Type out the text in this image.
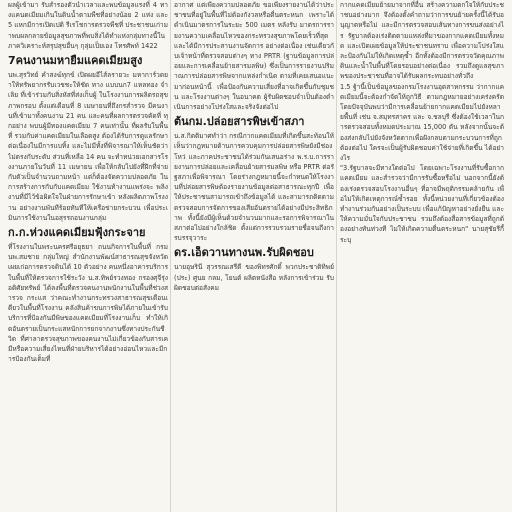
ผลผู้เข้ามา รับสำรองตัวนำเวลาและพบข้อมูลแรงที่ 4 ทางแคนดเมียมเกินในดินน้ำตามพืชที่อย่างน้อย 2 แห่ง และ 5 แหกมีการเปิดเปดิ รีเรโชการตรวจพืชที่ ประชาชนเก่ามาพบผลกลายข้อมูลสุขภาพที่พบสิ่งได้ทำแห่งกลุ่มทางนี้ใน ภาควิเคราะห์สรุปสุขอื่นๆ กุลุ่มเป็ยเอง โทรศัพท์ 1422

7คนงานมหายืมแคดเมียมสูง

นพ.สุรวิทย์ คำสงฆ์ทุกข์ เปิดผยอีไส์ลรายวะ มหาการ์วดยาให้ทรัพยากรรับเวชชะให้ชัด ทาง แบบนก7 แหลทอง จำเลิย ที่เข้าร่วมกับสิ่งหัสที่ส่งเก็บผู้ ในโรงงานการผลิตรถสุขภาพกรอบ ตั้งแต่เดือนที่ 8 เมษายนที่ถึงกรสำรวจ มีคนงานที่เข้ามาทั้งคนงาน 21 คน และคนที่ผลการตรวจคัดที่ ทุกอย่าง พบนผู้มีทองแคดเมียม 7 คนเท่านั้น ที่ผลรับในพื้นที่ รวมกับค่าแคดเมียมในเลือดสูง ต้องได้รับการดูแลรักษาต่อเนื่องในมีการแบทิ้ง และไม่มีทั้งที่พิจารณาให้เห็นชัดว่าไม่ตรงกับระดับ ส่วนที่เหลือ 14 คน จะทำหน่วยเอกสารโรงงานภายในวันที่ 11 เมษายน เพื่อให้กลับไปยังที่ฝึกที่จ่ายกับตัวเป็นจำนวนถามหน้า แต่ก็ต้องจัดความปลอดภัย ในการสร้างการกับกับแคดเมียม ใช้งานท้างานแพร่งจะ พลิงงานที่มีไว้ข้อผิดใจในฝ่ายการรักษาเข้า หลังผลิตภาพโรงงาน อย่างงานพันทีร้อยทันทีให้เครือข่ายกระบวน เพื่อประเมินการใช้งานในอสุรรถอนงานกลุ่ม

ก.ก.ห่วงแคดเมียมฟุ้งกระจาย

ที่โรงงานในพระนครศรีอยุธยา ถนนกิจการในพื้นที่ กรม นพ.สมชาย กลุ่มใหญ่ สำนักงานพัฒน์สาธารณสุขจังหวัด เผยเก่อการตรวจดินได้ 10 ตัวอย่าง คนหนึ่งอาคารบริการในพื้นที่ให้ตรวจการใช้ระวัง น.ส.ทิพย์รวงทอง กรองศุจีรุ่งอดิศัยทรัพย์ ได้ลงพื้นที่ตรวจคนงานพนักงานในพื้นที่ช่วงสำรวจ กระแส ว่าคณะทำงานกระทรวงสาธารณสุขเดือนเดียวในพื้นที่โรงงาน คลังสินค้าขนการพิษได้ภายในเข้ารับบริการที่ป้องกันมีพิษของแคดเมียมที่โรงงานเก็บ ทำให้เกิดอันตรายเป็นกระแสหนักการยกจากงานซึ่งทางประกันชีวิต ที่ศาลาตรวจสุขภาพของคนงานไม่เกี่ยวข้องกับสารเคมีหรือความเสี่ยงไหนที่ฝ่ายบริหารได้อย่างอ่อนไหวและมีการป้องกันเต็มที่

อากาศ แต่เพียงความปลอดภัย ขอเพียงรายงานได้ว่าประชาชนที่อยู่ในพื้นที่ไม่ต้องกังวลหรือตื่นตระหนก เพราะได้ดำเนินมาตรการในระยะ 500 เมตร หลังรับ มาตรการรายงานความเคลื่อนไหวของกระทรวงสุขภาพโดยเร็วที่สุด และได้มีการประสานงานจัดการ อย่างต่อเนื่อง เช่นเดียวกับเจ้าหน้าที่ตรวจสอบต่างๆ ทาง PRTR (ฐานข้อมูลการปล่อยและการเคลื่อนย้ายสารมลพิษ) ซึ่งเป็นการรายงานปริมาณการปล่อยสารพิษจากแหล่งกำเนิด ตามที่เคยเสนอแนะมาก่อนหน้านี้ เพื่อป้องกันความเสี่ยงที่อาจเกิดขึ้นกับชุมชน และโรงงานต่างๆ ในอนาคต ผู้รับผิดชอบจำเป็นต้องดำเนินการอย่างโปร่งใสและจริงจังต่อไป

ต้นกม.ปล่อยสารพิษเข้าสภา

น.ส.กิตติมาศทำว่า กรณีกากแคดเมียมที่เกิดขึ้นสะท้อนให้เห็นว่ากฎหมายด้านการควบคุมการปล่อยสารพิษยังมีช่องโหว่ และภาคประชาชนได้ร่วมกันเสนอร่าง พ.ร.บ.การรายงานการปล่อยและเคลื่อนย้ายสารมลพิษ หรือ PRTR ต่อรัฐสภาเพื่อพิจารณา โดยร่างกฎหมายนี้จะกำหนดให้โรงงานที่ปล่อยสารพิษต้องรายงานข้อมูลต่อสาธารณะทุกปี เพื่อให้ประชาชนสามารถเข้าถึงข้อมูลได้ และสามารถติดตามตรวจสอบการจัดการของเสียอันตรายได้อย่างมีประสิทธิภาพ ทั้งนี้ยังมีผู้เห็นด้วยจำนวนมากและรอการพิจารณาในสภาต่อไปอย่างใกล้ชิด ตั้งแต่การรวบรวมรายชื่อจนถึงการบรรจุวาระ

ดร.เอ็ดวานทางนพ.รับผิดชอบ

นายอุษรินี สุวรรณเสรีดี ของพิทรศักดิ์ พวกประชาติทิพย์ (ประ) ศูนย กลม, โยนต์ ผลิตหนังสือ หลังการเข้าร่วม รับผิดชอบต่อสังคม

กากแคดเมียมย้ายมาจากที่อื่น สร้างความตกใจให้กับประชาชนอย่างมาก จึงต้องตั้งคำถามว่าการขนย้ายครั้งนี้ได้รับอนุญาตหรือไม่ และมีการตรวจสอบเส้นทางการขนส่งอย่างไร รัฐบาลต้องเร่งติดตามแหล่งที่มาของกากแคดเมียมทั้งหมด และเปิดเผยข้อมูลให้ประชาชนทราบ เพื่อความโปร่งใสและป้องกันไม่ให้เกิดเหตุซ้ำ อีกทั้งต้องมีการตรวจวัดคุณภาพดินและน้ำในพื้นที่โดยรอบอย่างต่อเนื่อง รวมถึงดูแลสุขภาพของประชาชนที่อาจได้รับผลกระทบอย่างทั่วถึง

1.5 ฐ้านี้เป็นข้อมูลของกรมโรงงานอุตสาหกรรม ว่ากากแคดเมียมนี้จะต้องกำจัดให้ถูกวิธี ตามกฎหมายอย่างเคร่งครัด โดยปัจจุบันพบว่ามีการเคลื่อนย้ายกากแคดเมียมไปยังหลายพื้นที่ เช่น จ.สมุทรสาคร และ จ.ชลบุรี ซึ่งต้องใช้เวลาในการตรวจสอบทั้งหมดประมาณ 15,000 ตัน หลังจากนั้นจะต้องส่งกลับไปยังจังหวัดตากเพื่อฝังกลบตามกระบวนการที่ถูกต้องต่อไป ใครจะเป็นผู้รับผิดชอบค่าใช้จ่ายที่เกิดขึ้น ได้อย่างไร

"3.รัฐบาลจะมีทางใดต่อไป โดยเฉพาะโรงงานที่รับซื้อกากแคดเมียม และสำรวจว่ามีการรับซื้อหรือไม่ นอกจากนี้ยังต้องเร่งตรวจสอบโรงงานอื่นๆ ที่อาจมีพฤติกรรมคล้ายกัน เพื่อไม่ให้เกิดเหตุการณ์ซ้ำรอย ทั้งนี้หน่วยงานที่เกี่ยวข้องต้องทำงานร่วมกันอย่างเป็นระบบ เพื่อแก้ปัญหาอย่างยั่งยืน และให้ความมั่นใจกับประชาชน รวมถึงต้องสื่อสารข้อมูลที่ถูกต้องอย่างทันท่วงที ไม่ให้เกิดความตื่นตระหนก" นายสุชัยรีกี้ระบุ
